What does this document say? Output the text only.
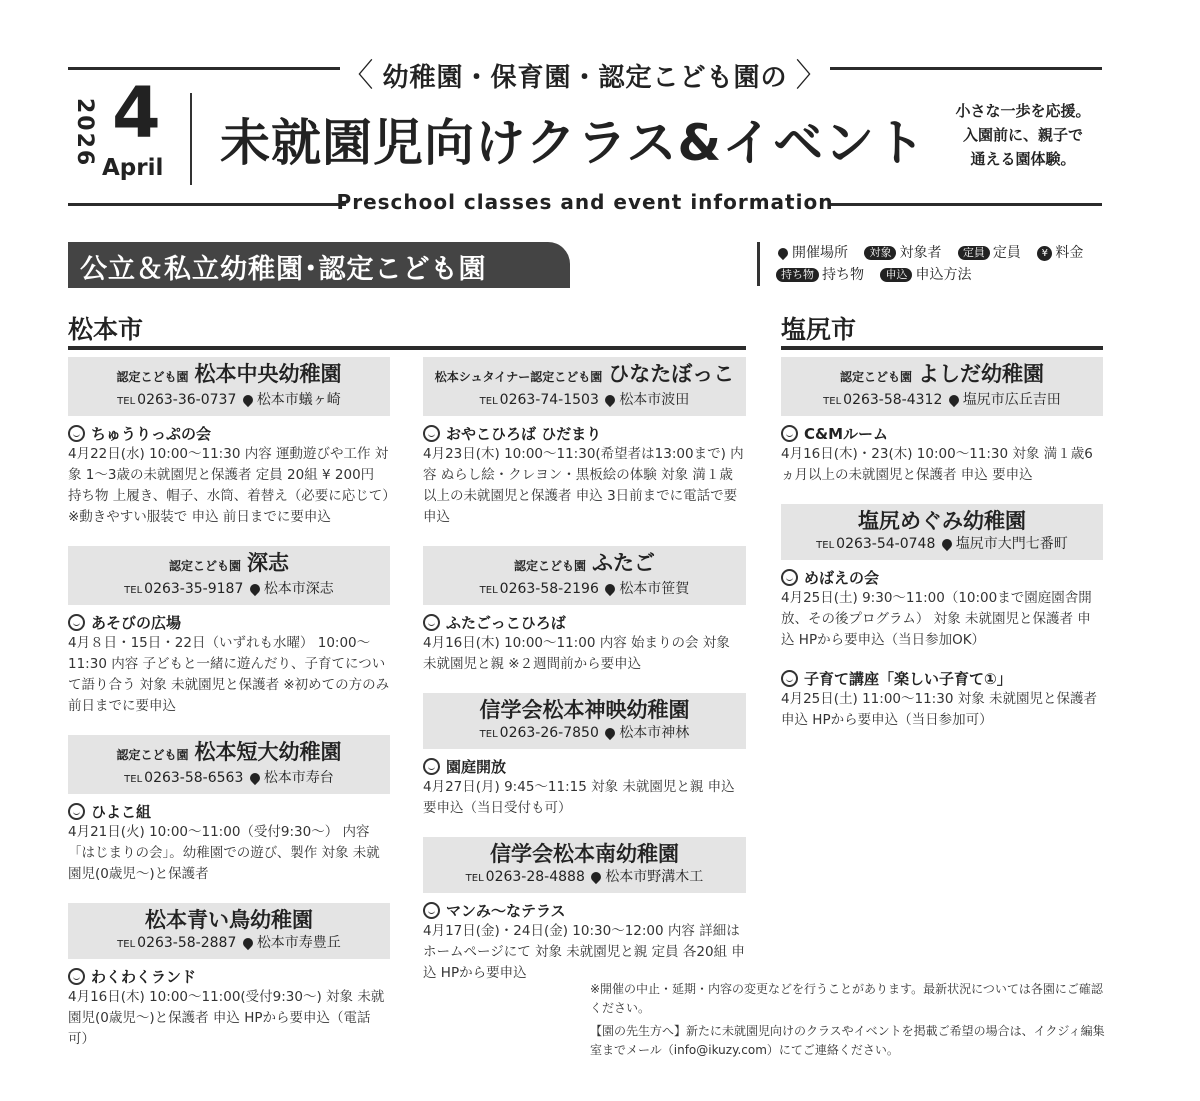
〈 幼稚園・保育園・認定こども園の 〉
2026 4
April 未就園児向けクラス&イベント
小さな一歩を応援。
入園前に、親子で
通える園体験。
Preschool classes and event information
公立＆私立幼稚園･認定こども園
開催場所 対象 対象者 定員 定員 ¥ 料金
持ち物 持ち物 申込 申込方法
松本市	塩尻市
認定こども園 松本中央幼稚園
TEL 0263-36-0737 松本市蟻ヶ崎
ちゅうりっぷの会
4月22日(水) 10:00〜11:30 内容 運動遊びや工作 対象 1〜3歳の未就園児と保護者 定員 20組 ¥ 200円 持ち物 上履き、帽子、水筒、着替え（必要に応じて）※動きやすい服装で 申込 前日までに要申込
認定こども園 深志
TEL 0263-35-9187 松本市深志
あそびの広場
4月８日・15日・22日（いずれも水曜） 10:00〜11:30 内容 子どもと一緒に遊んだり、子育てについて語り合う 対象 未就園児と保護者 ※初めての方のみ前日までに要申込
認定こども園 松本短大幼稚園
TEL 0263-58-6563 松本市寿台
ひよこ組
4月21日(火) 10:00〜11:00（受付9:30〜） 内容「はじまりの会」。幼稚園での遊び、製作 対象 未就園児(0歳児〜)と保護者
松本青い鳥幼稚園
TEL 0263-58-2887 松本市寿豊丘
わくわくランド
4月16日(木) 10:00〜11:00(受付9:30〜) 対象 未就園児(0歳児〜)と保護者 申込 HPから要申込（電話可）
松本シュタイナー認定こども園 ひなたぼっこ
TEL 0263-74-1503 松本市波田
おやこひろば ひだまり
4月23日(木) 10:00〜11:30(希望者は13:00まで) 内容 ぬらし絵・クレヨン・黒板絵の体験 対象 満１歳以上の未就園児と保護者 申込 3日前までに電話で要申込
認定こども園 ふたご
TEL 0263-58-2196 松本市笹賀
ふたごっこひろば
4月16日(木) 10:00〜11:00 内容 始まりの会 対象 未就園児と親 ※２週間前から要申込
信学会松本神映幼稚園
TEL 0263-26-7850 松本市神林
園庭開放
4月27日(月) 9:45〜11:15 対象 未就園児と親 申込 要申込（当日受付も可）
信学会松本南幼稚園
TEL 0263-28-4888 松本市野溝木工
マンみ〜なテラス
4月17日(金)・24日(金) 10:30〜12:00 内容 詳細はホームページにて 対象 未就園児と親 定員 各20組 申込 HPから要申込
認定こども園 よしだ幼稚園
TEL 0263-58-4312 塩尻市広丘吉田
C&Mルーム
4月16日(木)・23(木) 10:00〜11:30 対象 満１歳6ヵ月以上の未就園児と保護者 申込 要申込
塩尻めぐみ幼稚園
TEL 0263-54-0748 塩尻市大門七番町
めばえの会
4月25日(土) 9:30〜11:00（10:00まで園庭園舎開放、その後プログラム） 対象 未就園児と保護者 申込 HPから要申込（当日参加OK）
子育て講座「楽しい子育て①」
4月25日(土) 11:00〜11:30 対象 未就園児と保護者 申込 HPから要申込（当日参加可）

※開催の中止・延期・内容の変更などを行うことがあります。最新状況については各園にご確認ください。

【園の先生方へ】新たに未就園児向けのクラスやイベントを掲載ご希望の場合は、イクジィ編集室までメール（info@ikuzy.com）にてご連絡ください。
